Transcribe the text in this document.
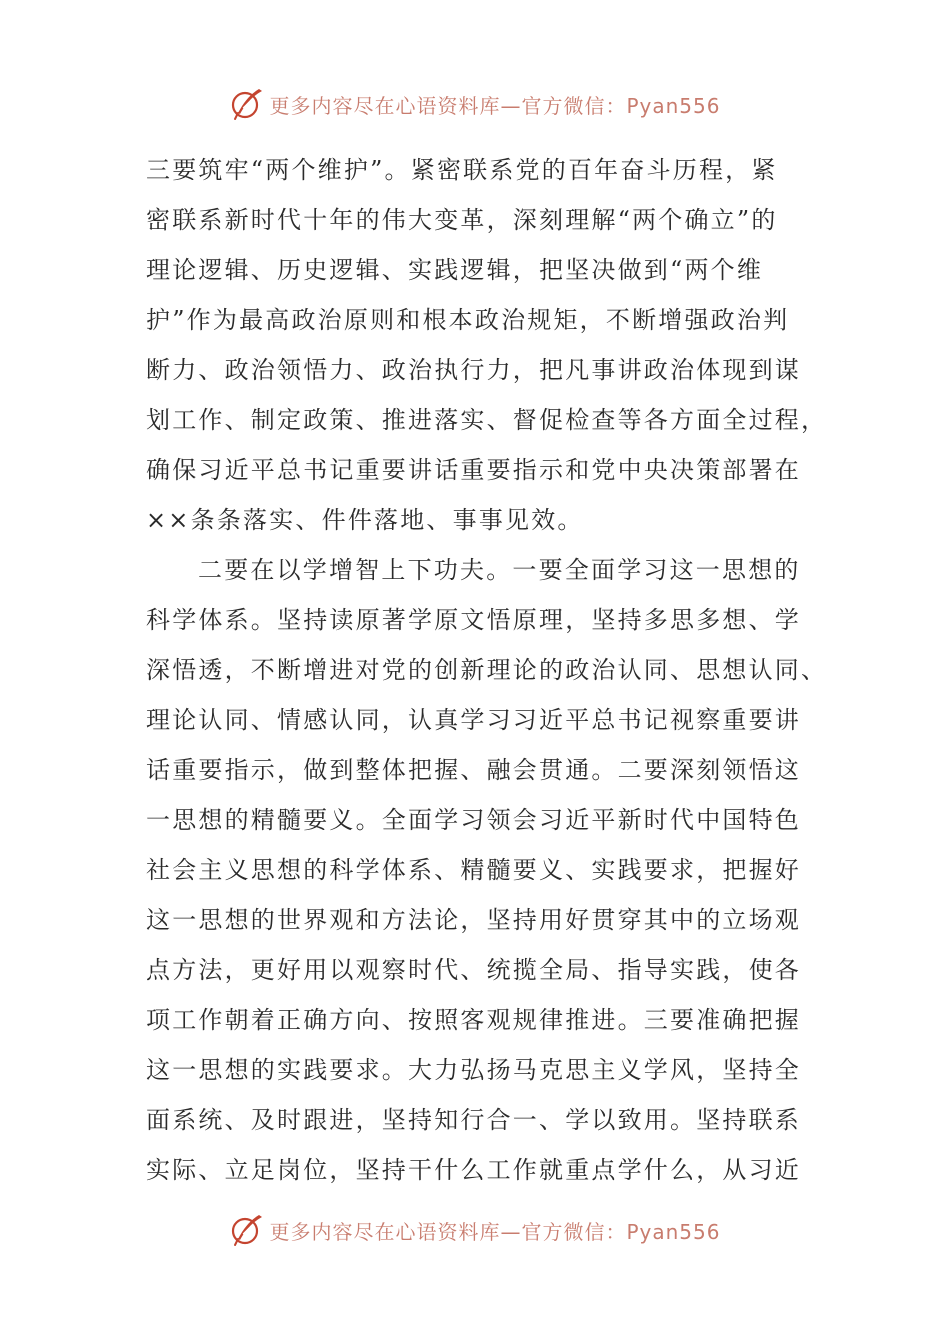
更多内容尽在心语资料库—官方微信：Pyan556
三要筑牢“两个维护”。紧密联系党的百年奋斗历程，紧
密联系新时代十年的伟大变革，深刻理解“两个确立”的
理论逻辑、历史逻辑、实践逻辑，把坚决做到“两个维
护”作为最高政治原则和根本政治规矩，不断增强政治判
断力、政治领悟力、政治执行力，把凡事讲政治体现到谋
划工作、制定政策、推进落实、督促检查等各方面全过程，
确保习近平总书记重要讲话重要指示和党中央决策部署在
××条条落实、件件落地、事事见效。
二要在以学增智上下功夫。一要全面学习这一思想的
科学体系。坚持读原著学原文悟原理，坚持多思多想、学
深悟透，不断增进对党的创新理论的政治认同、思想认同、
理论认同、情感认同，认真学习习近平总书记视察重要讲
话重要指示，做到整体把握、融会贯通。二要深刻领悟这
一思想的精髓要义。全面学习领会习近平新时代中国特色
社会主义思想的科学体系、精髓要义、实践要求，把握好
这一思想的世界观和方法论，坚持用好贯穿其中的立场观
点方法，更好用以观察时代、统揽全局、指导实践，使各
项工作朝着正确方向、按照客观规律推进。三要准确把握
这一思想的实践要求。大力弘扬马克思主义学风，坚持全
面系统、及时跟进，坚持知行合一、学以致用。坚持联系
实际、立足岗位，坚持干什么工作就重点学什么，从习近
更多内容尽在心语资料库—官方微信：Pyan556
